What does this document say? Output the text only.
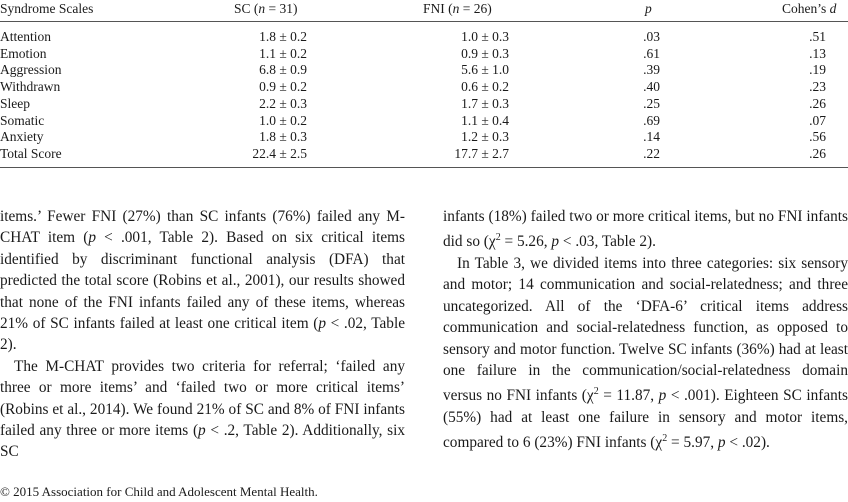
Syndrome Scales	SC (n = 31)	FNI (n = 26)	p	Cohen’s d
Attention	1.8 ± 0.2	1.0 ± 0.3	.03	.51
Emotion	1.1 ± 0.2	0.9 ± 0.3	.61	.13
Aggression	6.8 ± 0.9	5.6 ± 1.0	.39	.19
Withdrawn	0.9 ± 0.2	0.6 ± 0.2	.40	.23
Sleep	2.2 ± 0.3	1.7 ± 0.3	.25	.26
Somatic	1.0 ± 0.2	1.1 ± 0.4	.69	.07
Anxiety	1.8 ± 0.3	1.2 ± 0.3	.14	.56
Total Score	22.4 ± 2.5	17.7 ± 2.7	.22	.26

items.’ Fewer FNI (27%) than SC infants (76%) failed any M-CHAT item (p < .001, Table 2). Based on six critical items identified by discriminant functional analysis (DFA) that predicted the total score (Robins et al., 2001), our results showed that none of the FNI infants failed any of these items, whereas 21% of SC infants failed at least one critical item (p < .02, Table 2).

The M-CHAT provides two criteria for referral; ‘failed any three or more items’ and ‘failed two or more critical items’ (Robins et al., 2014). We found 21% of SC and 8% of FNI infants failed any three or more items (p < .2, Table 2). Additionally, six SC

infants (18%) failed two or more critical items, but no FNI infants did so ($\chi^2 = 5.26$, p < .03, Table 2).

In Table 3, we divided items into three categories: six sensory and motor; 14 communication and social-relatedness; and three uncategorized. All of the ‘DFA-6’ critical items address communication and social-relatedness function, as opposed to sensory and motor function. Twelve SC infants (36%) had at least one failure in the communication/social-relatedness domain versus no FNI infants ($\chi^2 = 11.87$, p < .001). Eighteen SC infants (55%) had at least one failure in sensory and motor items, compared to 6 (23%) FNI infants ($\chi^2 = 5.97$, p < .02).

© 2015 Association for Child and Adolescent Mental Health.
